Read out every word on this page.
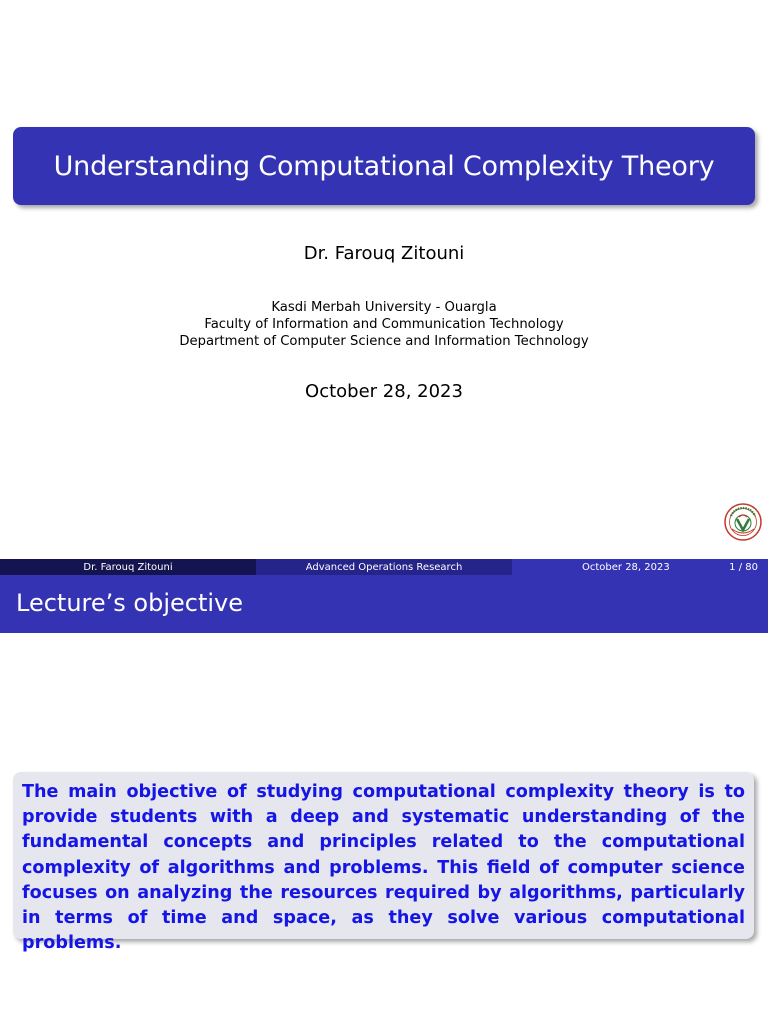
Understanding Computational Complexity Theory
Dr. Farouq Zitouni
Kasdi Merbah University - Ouargla
Faculty of Information and Communication Technology
Department of Computer Science and Information Technology
October 28, 2023
Dr. Farouq Zitouni	Advanced Operations Research	October 28, 2023	1 / 80
Lecture’s objective

The main objective of studying computational complexity theory is to provide students with a deep and systematic understanding of the fundamental concepts and principles related to the computational complexity of algorithms and problems. This field of computer science focuses on analyzing the resources required by algorithms, particularly in terms of time and space, as they solve various computational problems.
